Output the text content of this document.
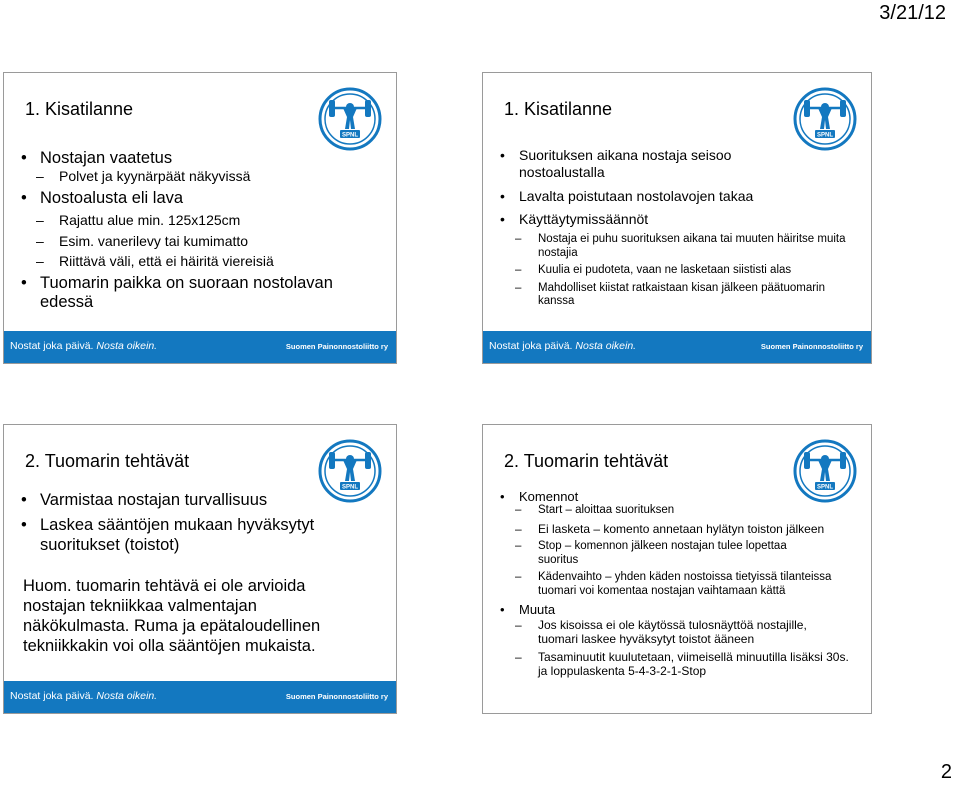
3/21/12
1. Kisatilanne
SPNL
• Nostajan vaatetus
– Polvet ja kyynärpäät näkyvissä
• Nostoalusta eli lava
– Rajattu alue min. 125x125cm
– Esim. vanerilevy tai kumimatto
– Riittävä väli, että ei häiritä viereisiä
• Tuomarin paikka on suoraan nostolavan edessä
Nostat joka päivä. Nosta oikein.	Suomen Painonnostoliitto ry
1. Kisatilanne
SPNL
• Suorituksen aikana nostaja seisoo nostoalustalla
• Lavalta poistutaan nostolavojen takaa
• Käyttäytymissäännöt
– Nostaja ei puhu suorituksen aikana tai muuten häiritse muita nostajia
– Kuulia ei pudoteta, vaan ne lasketaan siististi alas
– Mahdolliset kiistat ratkaistaan kisan jälkeen päätuomarin kanssa
Nostat joka päivä. Nosta oikein.	Suomen Painonnostoliitto ry
2. Tuomarin tehtävät
SPNL
• Varmistaa nostajan turvallisuus
• Laskea sääntöjen mukaan hyväksytyt suoritukset (toistot)
Huom. tuomarin tehtävä ei ole arvioida nostajan tekniikkaa valmentajan näkökulmasta. Ruma ja epätaloudellinen tekniikkakin voi olla sääntöjen mukaista.
Nostat joka päivä. Nosta oikein.	Suomen Painonnostoliitto ry
2. Tuomarin tehtävät
SPNL
• Komennot
– Start – aloittaa suorituksen
– Ei lasketa – komento annetaan hylätyn toiston jälkeen
– Stop – komennon jälkeen nostajan tulee lopettaa suoritus
– Kädenvaihto – yhden käden nostoissa tietyissä tilanteissa tuomari voi komentaa nostajan vaihtamaan kättä
• Muuta
– Jos kisoissa ei ole käytössä tulosnäyttöä nostajille, tuomari laskee hyväksytyt toistot ääneen
– Tasaminuutit kuulutetaan, viimeisellä minuutilla lisäksi 30s. ja loppulaskenta 5-4-3-2-1-Stop
2
